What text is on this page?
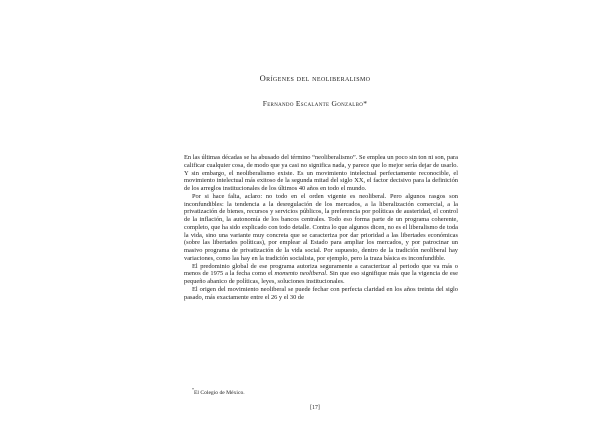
Orígenes del neoliberalismo
Fernando Escalante Gonzalbo*

En las últimas décadas se ha abusado del término “neoliberalismo”. Se emplea un poco sin ton ni son, para calificar cualquier cosa, de modo que ya casi no significa nada, y parece que lo mejor sería dejar de usarlo. Y sin embargo, el neoliberalismo existe. Es un movimiento intelectual perfectamente reconocible, el movimiento intelectual más exitoso de la segunda mitad del siglo XX, el factor decisivo para la definición de los arreglos institucionales de los últimos 40 años en todo el mundo.

Por si hace falta, aclaro: no todo en el orden vigente es neoliberal. Pero algunos rasgos son inconfundibles: la tendencia a la desregulación de los mercados, a la liberalización comercial, a la privatización de bienes, recursos y servicios públicos, la preferencia por políticas de austeridad, el control de la inflación, la autonomía de los bancos centrales. Todo eso forma parte de un programa coherente, completo, que ha sido explicado con todo detalle. Contra lo que algunos dicen, no es el liberalismo de toda la vida, sino una variante muy concreta que se caracteriza por dar prioridad a las libertades económicas (sobre las libertades políticas), por emplear al Estado para ampliar los mercados, y por patrocinar un masivo programa de privatización de la vida social. Por supuesto, dentro de la tradición neoliberal hay variaciones, como las hay en la tradición socialista, por ejemplo, pero la traza básica es inconfundible.

El predominio global de ese programa autoriza seguramente a caracterizar al periodo que va más o menos de 1975 a la fecha como el momento neoliberal. Sin que eso signifique más que la vigencia de ese pequeño abanico de políticas, leyes, soluciones institucionales.

El origen del movimiento neoliberal se puede fechar con perfecta claridad en los años treinta del siglo pasado, más exactamente entre el 26 y el 30 de

*El Colegio de México.
[17]
